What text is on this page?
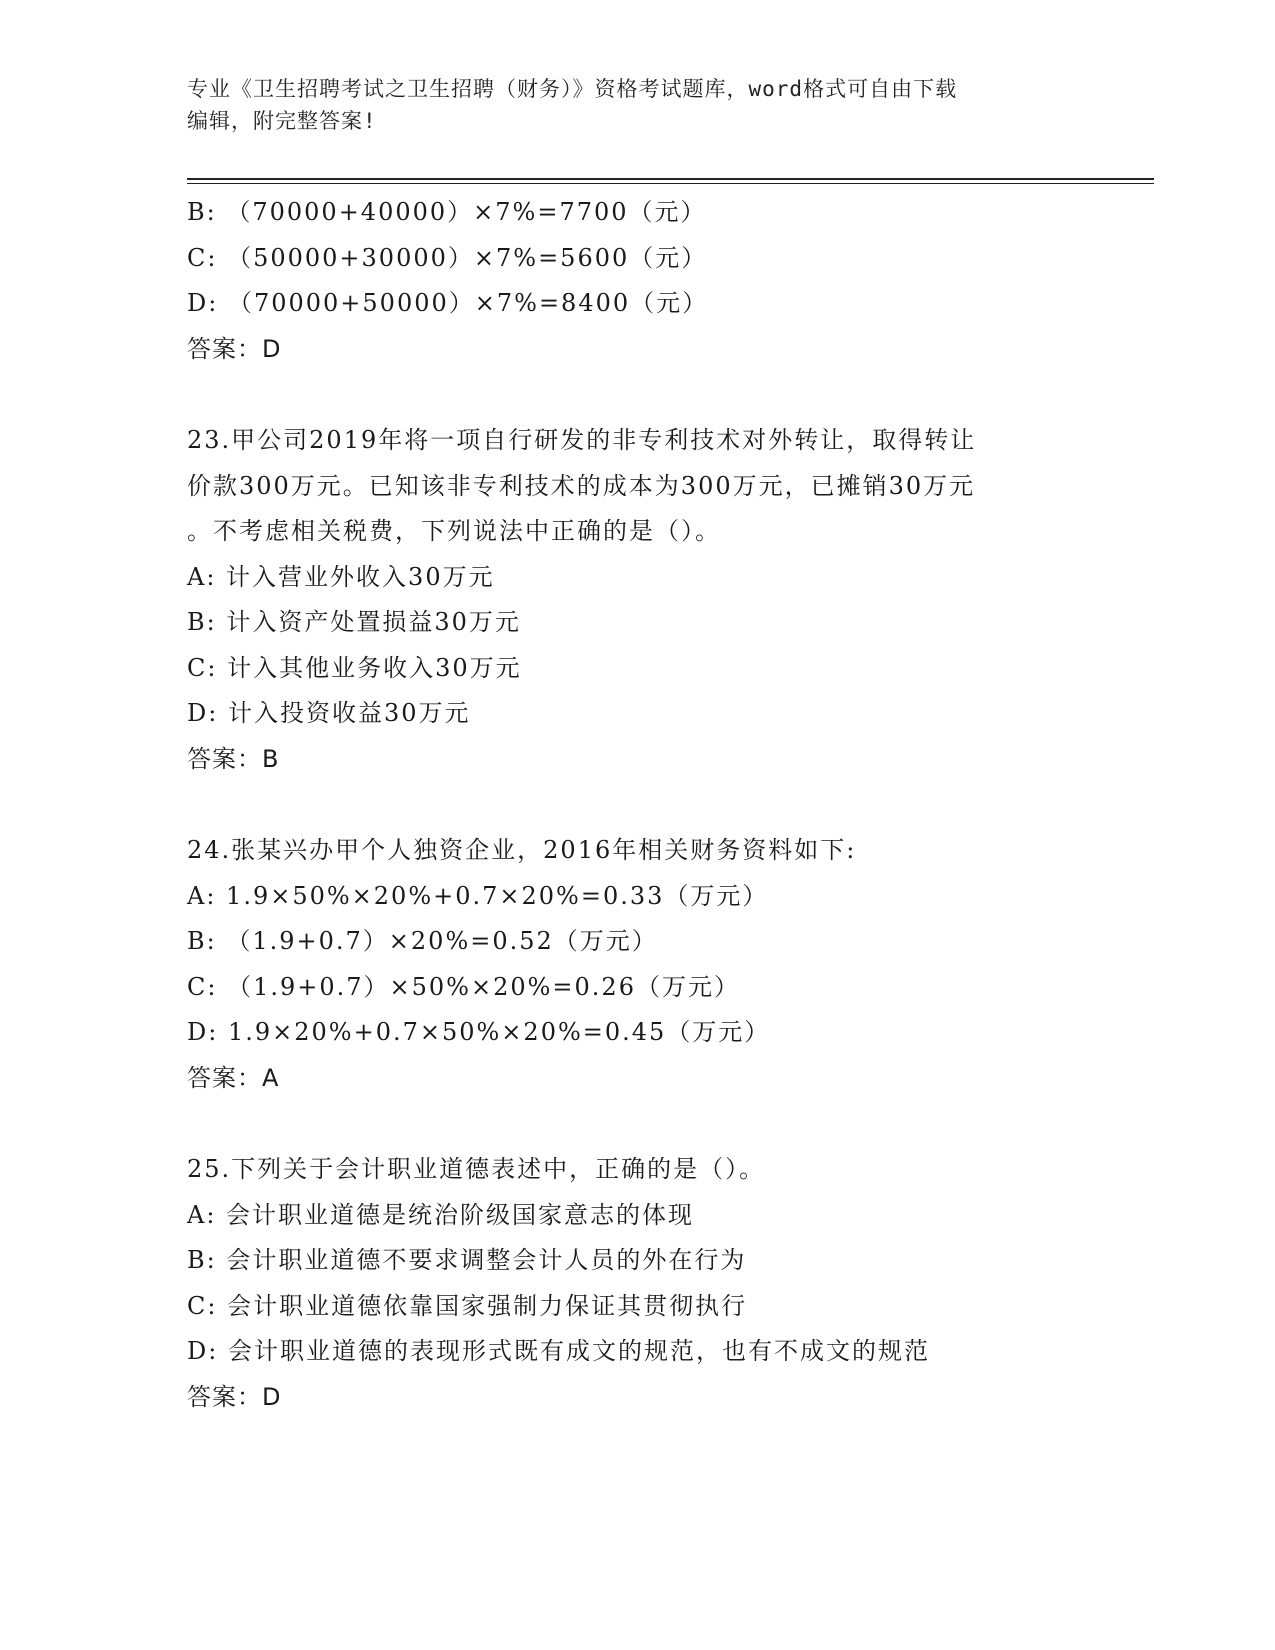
专业《卫生招聘考试之卫生招聘（财务）》资格考试题库，word格式可自由下载
编辑，附完整答案!
B: （70000+40000）×7%=7700（元）
C: （50000+30000）×7%=5600（元）
D: （70000+50000）×7%=8400（元）
答案：D
23.甲公司2019年将一项自行研发的非专利技术对外转让，取得转让
价款300万元。已知该非专利技术的成本为300万元，已摊销30万元
。不考虑相关税费，下列说法中正确的是（）。
A: 计入营业外收入30万元
B: 计入资产处置损益30万元
C: 计入其他业务收入30万元
D: 计入投资收益30万元
答案：B
24.张某兴办甲个人独资企业，2016年相关财务资料如下:
A: 1.9×50%×20%+0.7×20%=0.33（万元）
B: （1.9+0.7）×20%=0.52（万元）
C: （1.9+0.7）×50%×20%=0.26（万元）
D: 1.9×20%+0.7×50%×20%=0.45（万元）
答案：A
25.下列关于会计职业道德表述中，正确的是（）。
A: 会计职业道德是统治阶级国家意志的体现
B: 会计职业道德不要求调整会计人员的外在行为
C: 会计职业道德依靠国家强制力保证其贯彻执行
D: 会计职业道德的表现形式既有成文的规范，也有不成文的规范
答案：D
